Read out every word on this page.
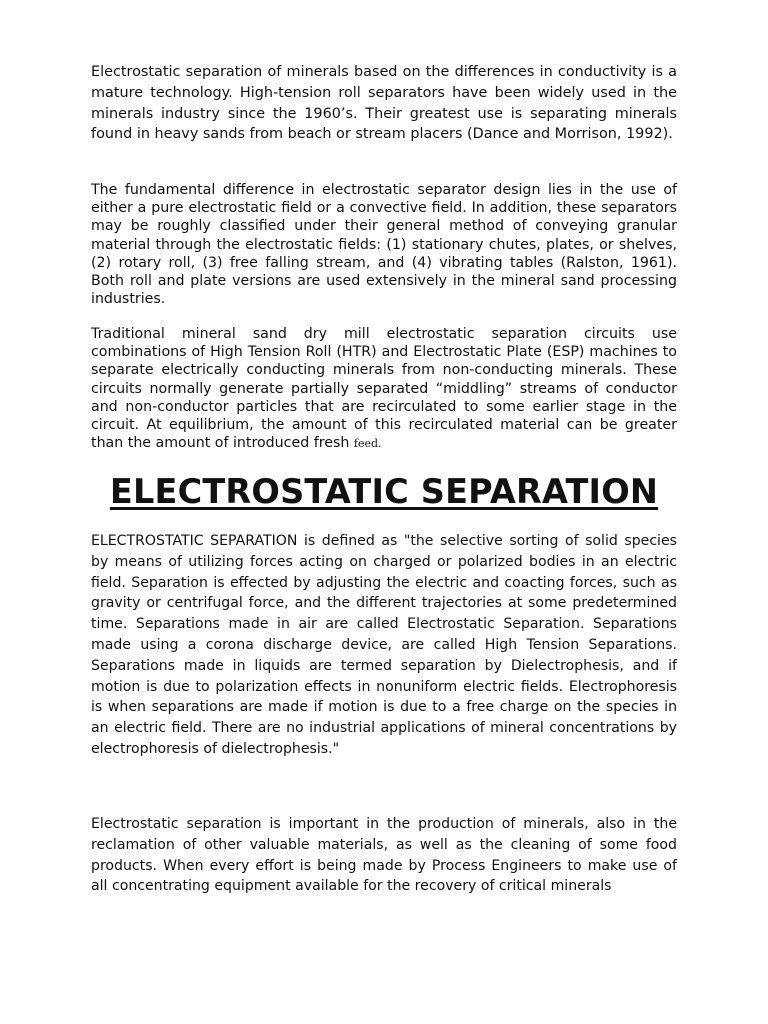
Electrostatic separation of minerals based on the differences in conductivity is a mature technology. High-tension roll separators have been widely used in the minerals industry since the 1960’s. Their greatest use is separating minerals found in heavy sands from beach or stream placers (Dance and Morrison, 1992).

The fundamental difference in electrostatic separator design lies in the use of either a pure electrostatic field or a convective field. In addition, these separators may be roughly classified under their general method of conveying granular material through the electrostatic fields: (1) stationary chutes, plates, or shelves, (2) rotary roll, (3) free falling stream, and (4) vibrating tables (Ralston, 1961). Both roll and plate versions are used extensively in the mineral sand processing industries.

Traditional mineral sand dry mill electrostatic separation circuits use combinations of High Tension Roll (HTR) and Electrostatic Plate (ESP) machines to separate electrically conducting minerals from non-conducting minerals. These circuits normally generate partially separated “middling” streams of conductor and non-conductor particles that are recirculated to some earlier stage in the circuit. At equilibrium, the amount of this recirculated material can be greater than the amount of introduced fresh feed.

ELECTROSTATIC SEPARATION

ELECTROSTATIC SEPARATION is defined as "the selective sorting of solid species by means of utilizing forces acting on charged or polarized bodies in an electric field. Separation is effected by adjusting the electric and coacting forces, such as gravity or centrifugal force, and the different trajectories at some predetermined time. Separations made in air are called Electrostatic Separation. Separations made using a corona discharge device, are called High Tension Separations. Separations made in liquids are termed separation by Dielectrophesis, and if motion is due to polarization effects in nonuniform electric fields. Electrophoresis is when separations are made if motion is due to a free charge on the species in an electric field. There are no industrial applications of mineral concentrations by electrophoresis of dielectrophesis."

Electrostatic separation is important in the production of minerals, also in the reclamation of other valuable materials, as well as the cleaning of some food products. When every effort is being made by Process Engineers to make use of all concentrating equipment available for the recovery of critical minerals
